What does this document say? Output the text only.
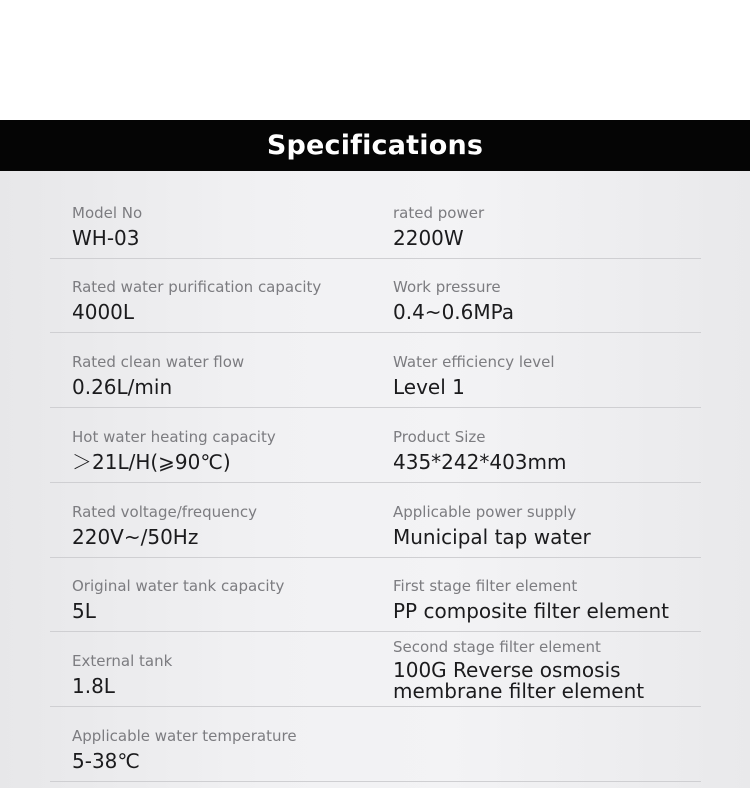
Specifications
Model No
WH-03
rated power
2200W
Rated water purification capacity
4000L
Work pressure
0.4~0.6MPa
Rated clean water flow
0.26L/min
Water efficiency level
Level 1
Hot water heating capacity
＞21L/H(⩾90℃)
Product Size
435*242*403mm
Rated voltage/frequency
220V~/50Hz
Applicable power supply
Municipal tap water
Original water tank capacity
5L
First stage filter element
PP composite filter element
External tank
1.8L
Second stage filter element
100G Reverse osmosis membrane filter element
Applicable water temperature
5-38℃
